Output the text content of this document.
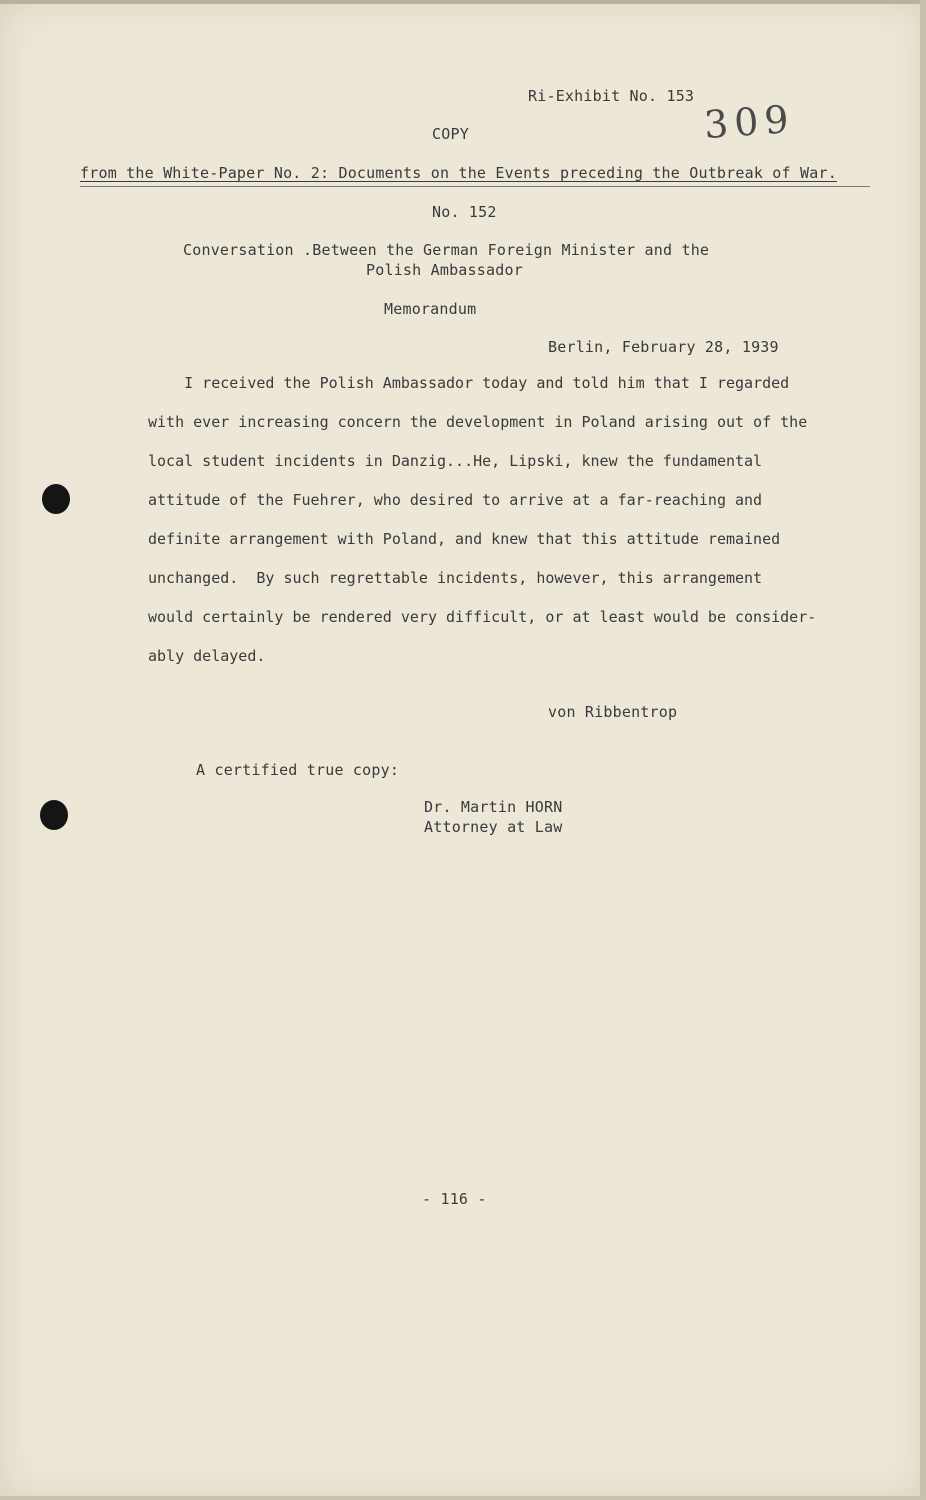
Ri-Exhibit No. 153
COPY	309
from the White-Paper No. 2: Documents on the Events preceding the Outbreak of War.
No. 152
Conversation .Between the German Foreign Minister and the
Polish Ambassador
Memorandum
Berlin, February 28, 1939
I received the Polish Ambassador today and told him that I regarded
with ever increasing concern the development in Poland arising out of the
local student incidents in Danzig...He, Lipski, knew the fundamental
attitude of the Fuehrer, who desired to arrive at a far-reaching and
definite arrangement with Poland, and knew that this attitude remained
unchanged.  By such regrettable incidents, however, this arrangement
would certainly be rendered very difficult, or at least would be consider-
ably delayed.
von Ribbentrop
A certified true copy:
Dr. Martin HORN
Attorney at Law
- 116 -
